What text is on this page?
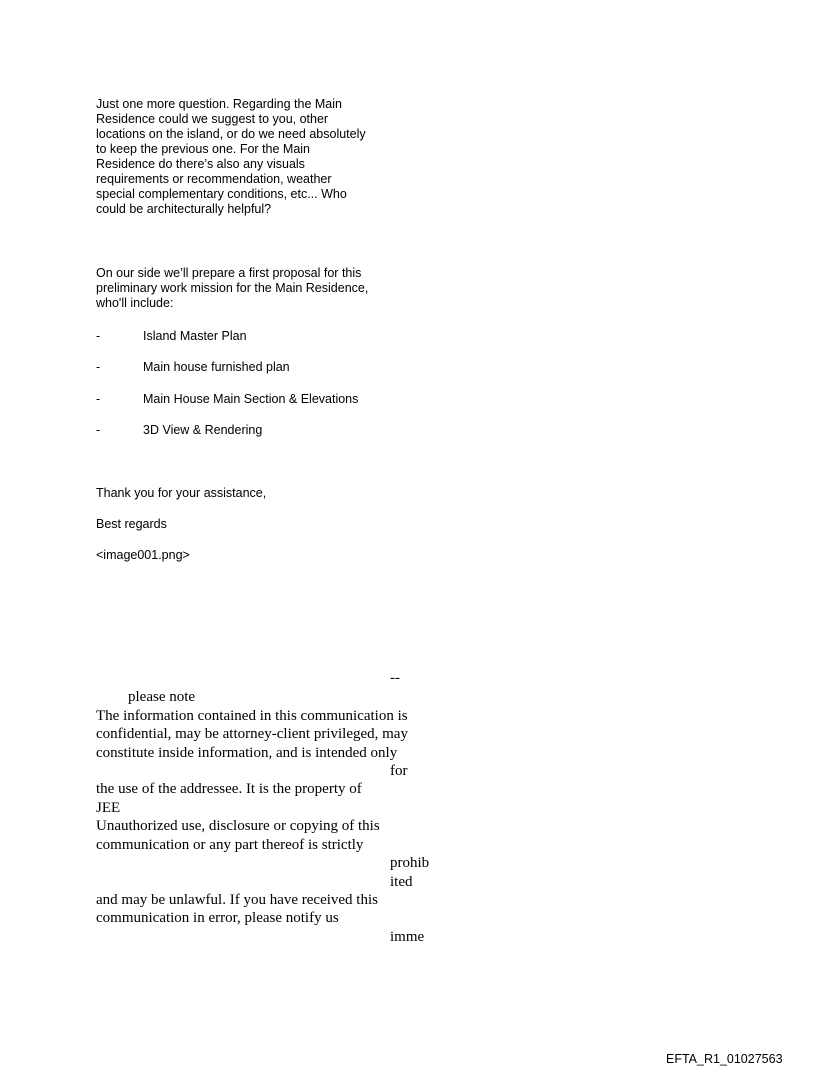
Just one more question. Regarding the Main
Residence could we suggest to you, other
locations on the island, or do we need absolutely
to keep the previous one. For the Main
Residence do there’s also any visuals
requirements or recommendation, weather
special complementary conditions, etc... Who
could be architecturally helpful?
On our side we’ll prepare a first proposal for this
preliminary work mission for the Main Residence,
who'll include:
-	Island Master Plan
-	Main house furnished plan
-	Main House Main Section & Elevations
-	3D View & Rendering
Thank you for your assistance,
Best regards
<image001.png>
--
please note
The information contained in this communication is
confidential, may be attorney-client privileged, may
constitute inside information, and is intended only
for
the use of the addressee. It is the property of
JEE
Unauthorized use, disclosure or copying of this
communication or any part thereof is strictly
prohib
ited
and may be unlawful. If you have received this
communication in error, please notify us
imme
EFTA_R1_01027563
